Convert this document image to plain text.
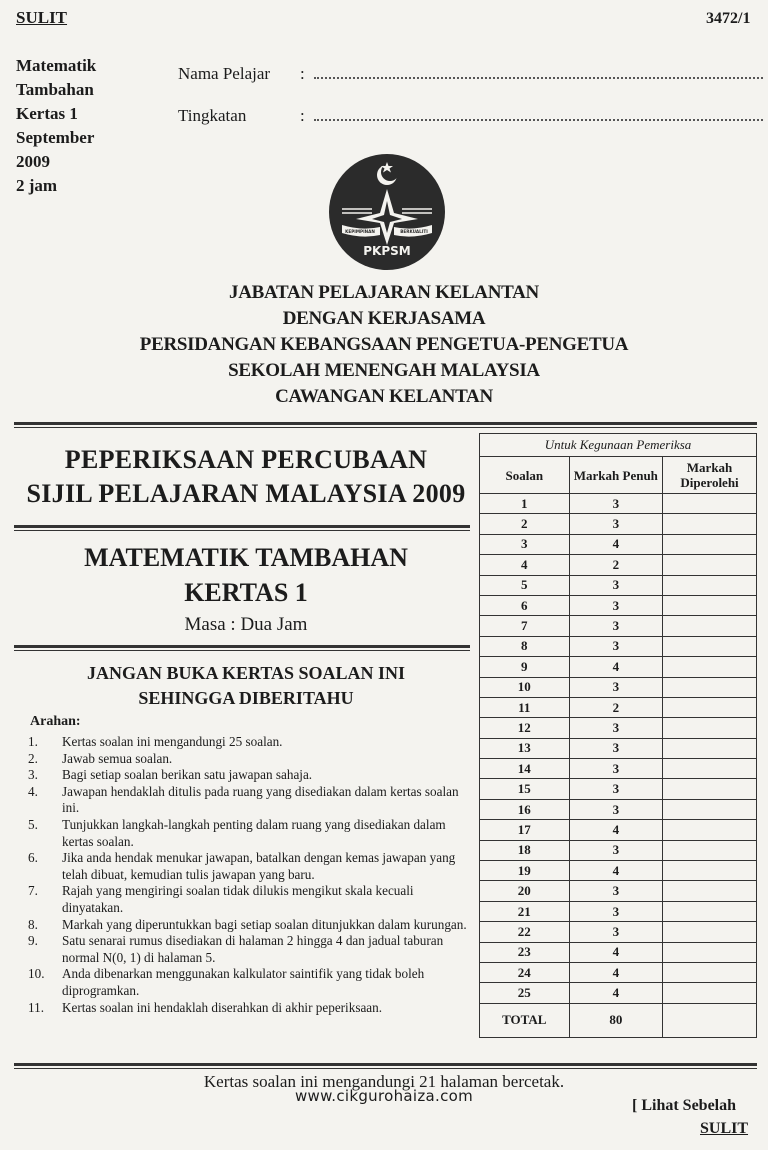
SULIT	3472/1
Matematik
Tambahan
Kertas 1
September
2009
2 jam
Nama Pelajar	:
Tingkatan	:
KEPIMPINAN	BERKUALITI
PKPSM
JABATAN PELAJARAN KELANTAN
DENGAN KERJASAMA
PERSIDANGAN KEBANGSAAN PENGETUA-PENGETUA
SEKOLAH MENENGAH MALAYSIA
CAWANGAN KELANTAN
PEPERIKSAAN PERCUBAAN
SIJIL PELAJARAN MALAYSIA 2009
MATEMATIK TAMBAHAN
KERTAS 1
Masa : Dua Jam
JANGAN BUKA KERTAS SOALAN INI
SEHINGGA DIBERITAHU
Arahan:
1.	Kertas soalan ini mengandungi 25 soalan.
2.	Jawab semua soalan.
3.	Bagi setiap soalan berikan satu jawapan sahaja.
4.	Jawapan hendaklah ditulis pada ruang yang disediakan dalam kertas soalan ini.
5.	Tunjukkan langkah-langkah penting dalam ruang yang disediakan dalam kertas soalan.
6.	Jika anda hendak menukar jawapan, batalkan dengan kemas jawapan yang telah dibuat, kemudian tulis jawapan yang baru.
7.	Rajah yang mengiringi soalan tidak dilukis mengikut skala kecuali dinyatakan.
8.	Markah yang diperuntukkan bagi setiap soalan ditunjukkan dalam kurungan.
9.	Satu senarai rumus disediakan di halaman 2 hingga 4 dan jadual taburan normal N(0, 1) di halaman 5.
10.	Anda dibenarkan menggunakan kalkulator saintifik yang tidak boleh diprogramkan.
11.	Kertas soalan ini hendaklah diserahkan di akhir peperiksaan.
Untuk Kegunaan Pemeriksa		
Soalan	Markah Penuh	Markah Diperolehi
1	3	
2	3	
3	4	
4	2	
5	3	
6	3	
7	3	
8	3	
9	4	
10	3	
11	2	
12	3	
13	3	
14	3	
15	3	
16	3	
17	4	
18	3	
19	4	
20	3	
21	3	
22	3	
23	4	
24	4	
25	4	
TOTAL	80	
Kertas soalan ini mengandungi 21 halaman bercetak.
www.cikgurohaiza.com
[ Lihat Sebelah
SULIT
